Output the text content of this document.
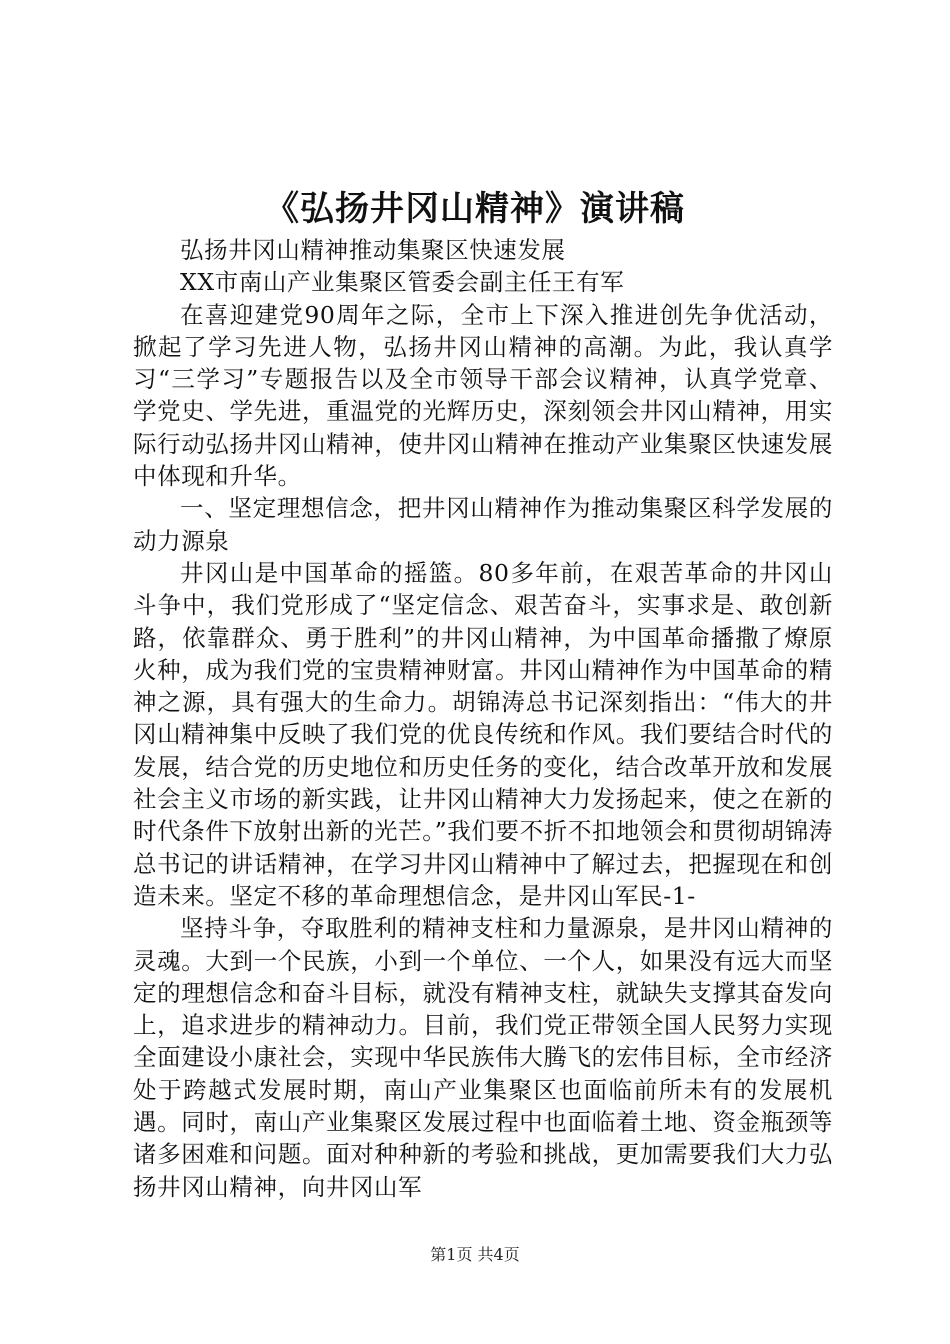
《弘扬井冈山精神》演讲稿

弘扬井冈山精神推动集聚区快速发展

XX市南山产业集聚区管委会副主任王有军

在喜迎建党90周年之际，全市上下深入推进创先争优活动，掀起了学习先进人物，弘扬井冈山精神的高潮。为此，我认真学习“三学习”专题报告以及全市领导干部会议精神，认真学党章、学党史、学先进，重温党的光辉历史，深刻领会井冈山精神，用实际行动弘扬井冈山精神，使井冈山精神在推动产业集聚区快速发展中体现和升华。

一、坚定理想信念，把井冈山精神作为推动集聚区科学发展的动力源泉

井冈山是中国革命的摇篮。80多年前，在艰苦革命的井冈山斗争中，我们党形成了“坚定信念、艰苦奋斗，实事求是、敢创新路，依靠群众、勇于胜利”的井冈山精神，为中国革命播撒了燎原火种，成为我们党的宝贵精神财富。井冈山精神作为中国革命的精神之源，具有强大的生命力。胡锦涛总书记深刻指出：“伟大的井冈山精神集中反映了我们党的优良传统和作风。我们要结合时代的发展，结合党的历史地位和历史任务的变化，结合改革开放和发展社会主义市场的新实践，让井冈山精神大力发扬起来，使之在新的时代条件下放射出新的光芒。”我们要不折不扣地领会和贯彻胡锦涛总书记的讲话精神，在学习井冈山精神中了解过去，把握现在和创造未来。坚定不移的革命理想信念，是井冈山军民-1-

坚持斗争，夺取胜利的精神支柱和力量源泉，是井冈山精神的灵魂。大到一个民族，小到一个单位、一个人，如果没有远大而坚定的理想信念和奋斗目标，就没有精神支柱，就缺失支撑其奋发向上，追求进步的精神动力。目前，我们党正带领全国人民努力实现全面建设小康社会，实现中华民族伟大腾飞的宏伟目标，全市经济处于跨越式发展时期，南山产业集聚区也面临前所未有的发展机遇。同时，南山产业集聚区发展过程中也面临着土地、资金瓶颈等诸多困难和问题。面对种种新的考验和挑战，更加需要我们大力弘扬井冈山精神，向井冈山军

第1页 共4页
